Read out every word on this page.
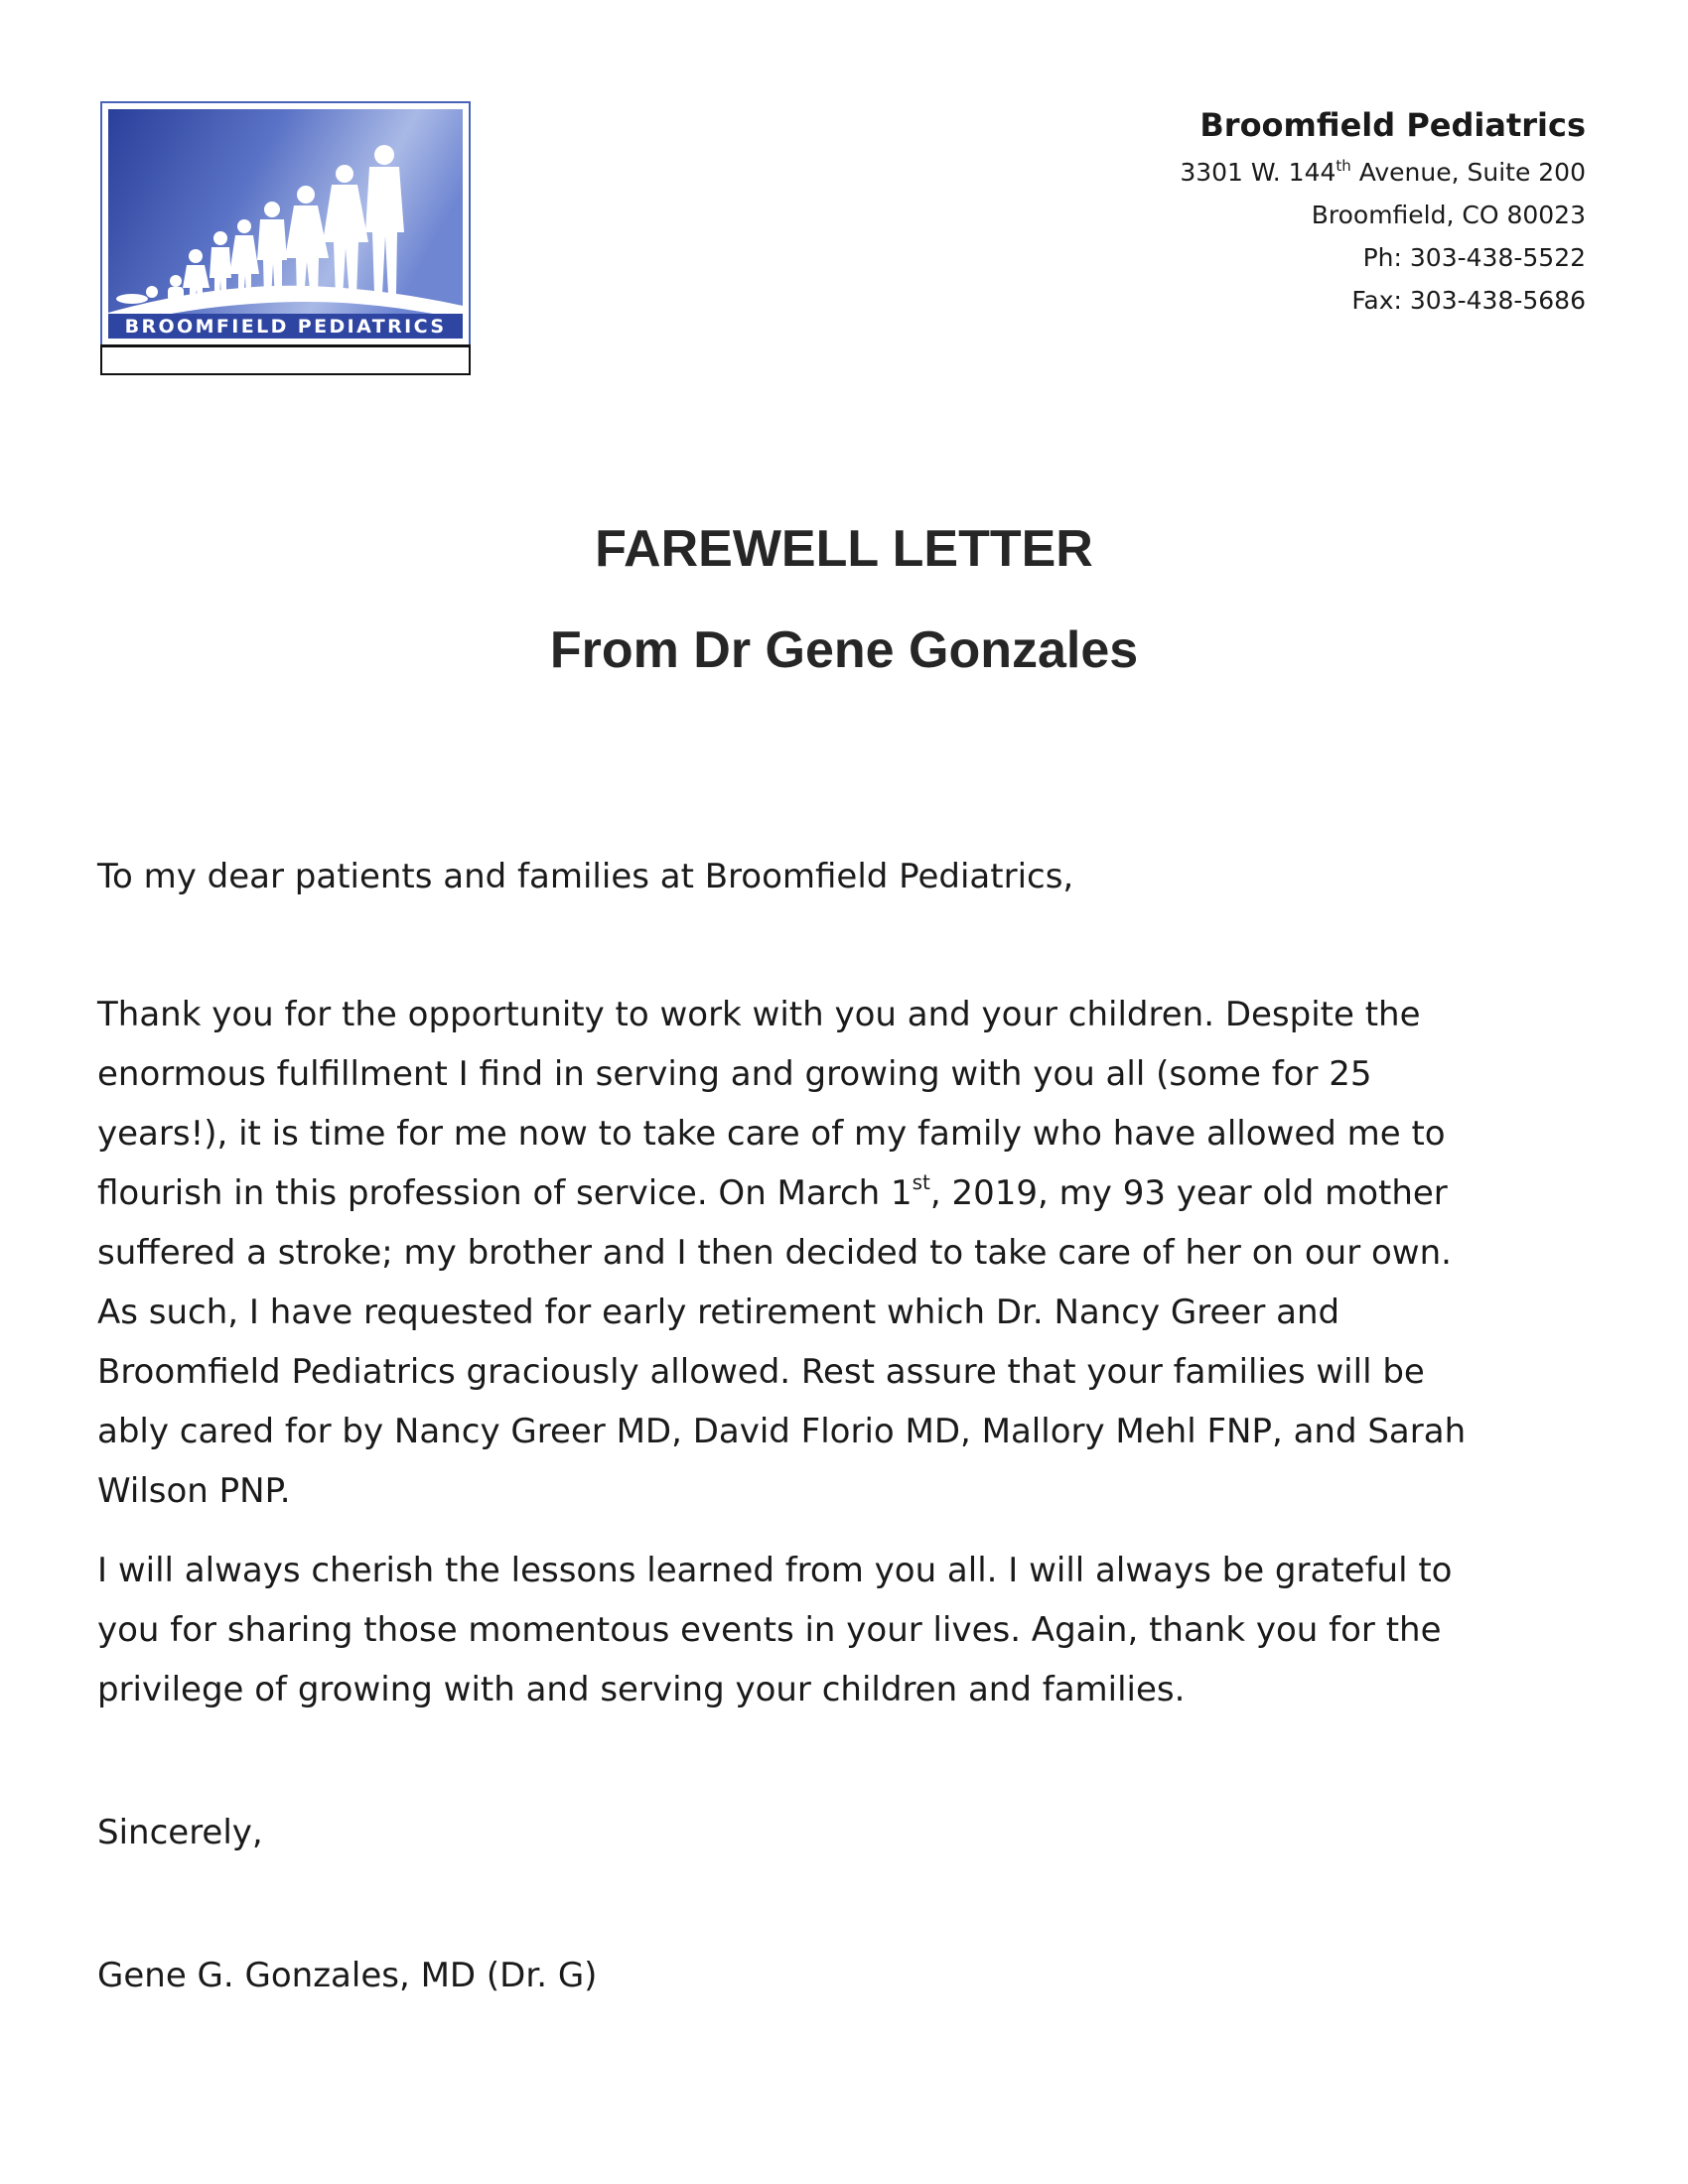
BROOMFIELD PEDIATRICS
Broomfield Pediatrics
3301 W. 144th Avenue, Suite 200
Broomfield, CO 80023
Ph: 303-438-5522
Fax: 303-438-5686
FAREWELL LETTER
From Dr Gene Gonzales
To my dear patients and families at Broomfield Pediatrics,
Thank you for the opportunity to work with you and your children. Despite the
enormous fulfillment I find in serving and growing with you all (some for 25
years!), it is time for me now to take care of my family who have allowed me to
flourish in this profession of service. On March 1st, 2019, my 93 year old mother
suffered a stroke; my brother and I then decided to take care of her on our own.
As such, I have requested for early retirement which Dr. Nancy Greer and
Broomfield Pediatrics graciously allowed. Rest assure that your families will be
ably cared for by Nancy Greer MD, David Florio MD, Mallory Mehl FNP, and Sarah
Wilson PNP.
I will always cherish the lessons learned from you all. I will always be grateful to
you for sharing those momentous events in your lives. Again, thank you for the
privilege of growing with and serving your children and families.
Sincerely,
Gene G. Gonzales, MD (Dr. G)
